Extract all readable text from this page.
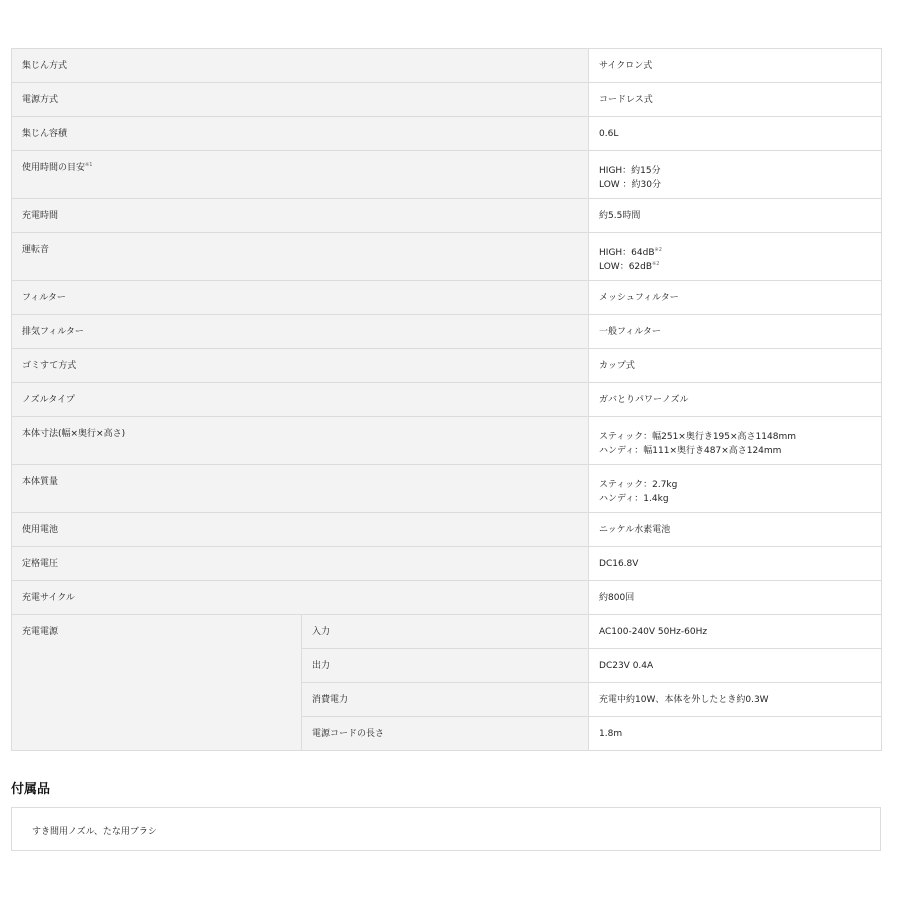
集じん方式		サイクロン式
電源方式		コードレス式
集じん容積		0.6L
使用時間の目安$^{※1}$		HIGH：約15分
LOW ：約30分

充電時間		約5.5時間
運転音		HIGH：$64dB^{※2}$
LOW：$62dB^{※2}$

フィルター		メッシュフィルター
排気フィルター		一般フィルター
ゴミすて方式		カップ式
ノズルタイプ		ガバとりパワーノズル
本体寸法(幅×奥行×高さ)		スティック：幅251×奥行き195×高さ1148mm
ハンディ：幅111×奥行き487×高さ124mm

本体質量		スティック：2.7kg
ハンディ：1.4kg

使用電池		ニッケル水素電池
定格電圧		DC16.8V
充電サイクル		約800回
充電電源	入力	AC100-240V 50Hz-60Hz
	出力	DC23V 0.4A
	消費電力	充電中約10W、本体を外したとき約0.3W
	電源コードの長さ	1.8m
付属品
すき間用ノズル、たな用ブラシ
